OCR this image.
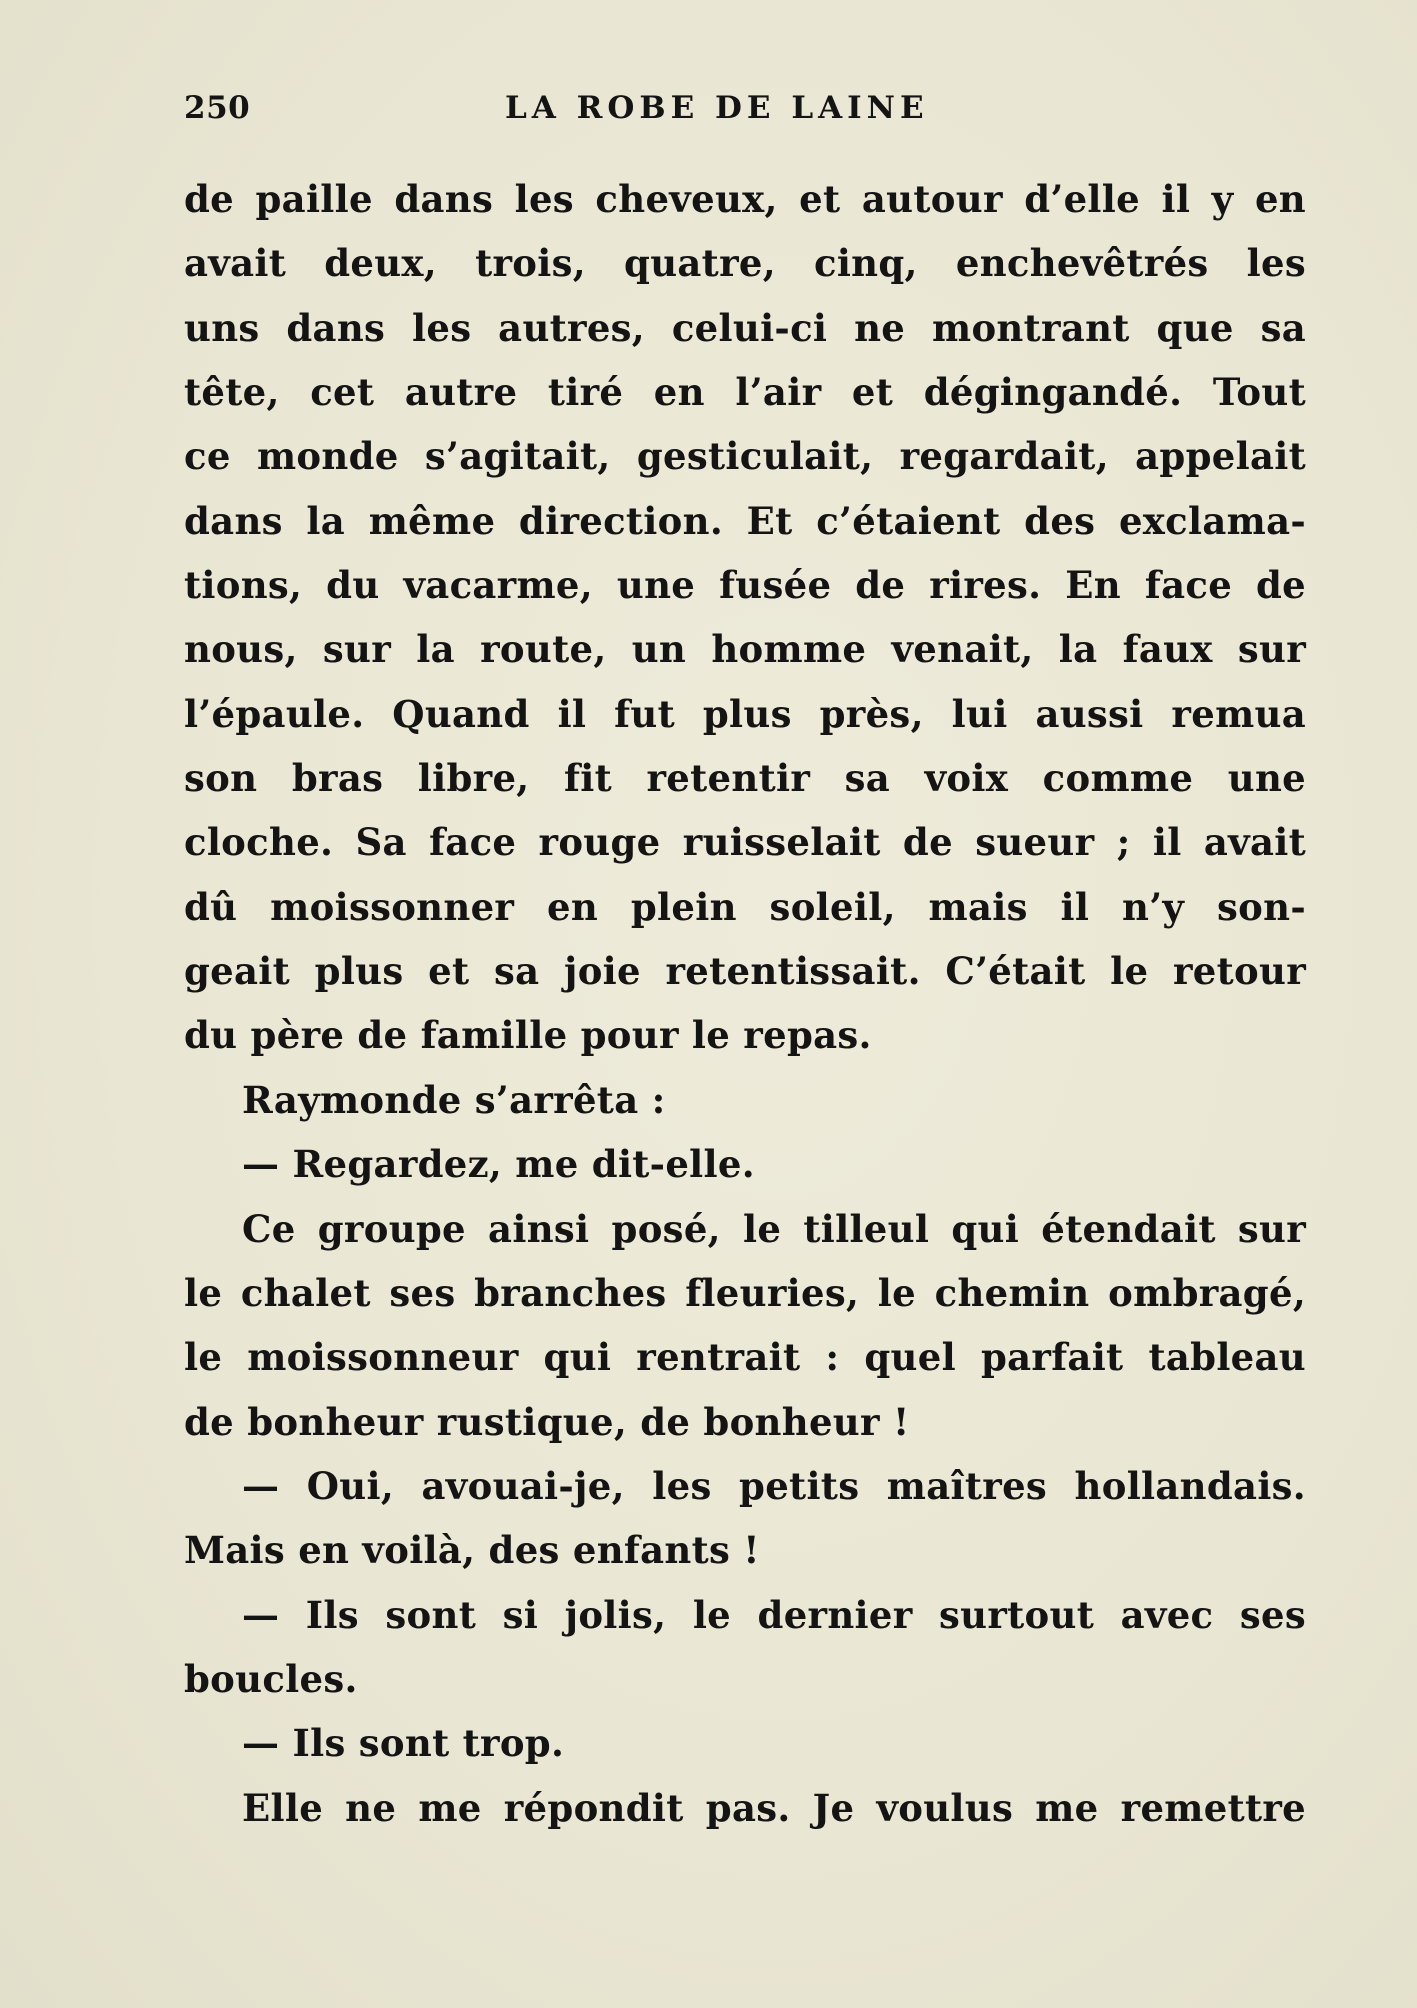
250	LA ROBE DE LAINE
de paille dans les cheveux, et autour d’elle il y en
avait deux, trois, quatre, cinq, enchevêtrés les
uns dans les autres, celui-ci ne montrant que sa
tête, cet autre tiré en l’air et dégingandé. Tout
ce monde s’agitait, gesticulait, regardait, appelait
dans la même direction. Et c’étaient des exclama-
tions, du vacarme, une fusée de rires. En face de
nous, sur la route, un homme venait, la faux sur
l’épaule. Quand il fut plus près, lui aussi remua
son bras libre, fit retentir sa voix comme une
cloche. Sa face rouge ruisselait de sueur ; il avait
dû moissonner en plein soleil, mais il n’y son-
geait plus et sa joie retentissait. C’était le retour
du père de famille pour le repas.
Raymonde s’arrêta :
— Regardez, me dit-elle.
Ce groupe ainsi posé, le tilleul qui étendait sur
le chalet ses branches fleuries, le chemin ombragé,
le moissonneur qui rentrait : quel parfait tableau
de bonheur rustique, de bonheur !
— Oui, avouai-je, les petits maîtres hollandais.
Mais en voilà, des enfants !
— Ils sont si jolis, le dernier surtout avec ses
boucles.
— Ils sont trop.
Elle ne me répondit pas. Je voulus me remettre
